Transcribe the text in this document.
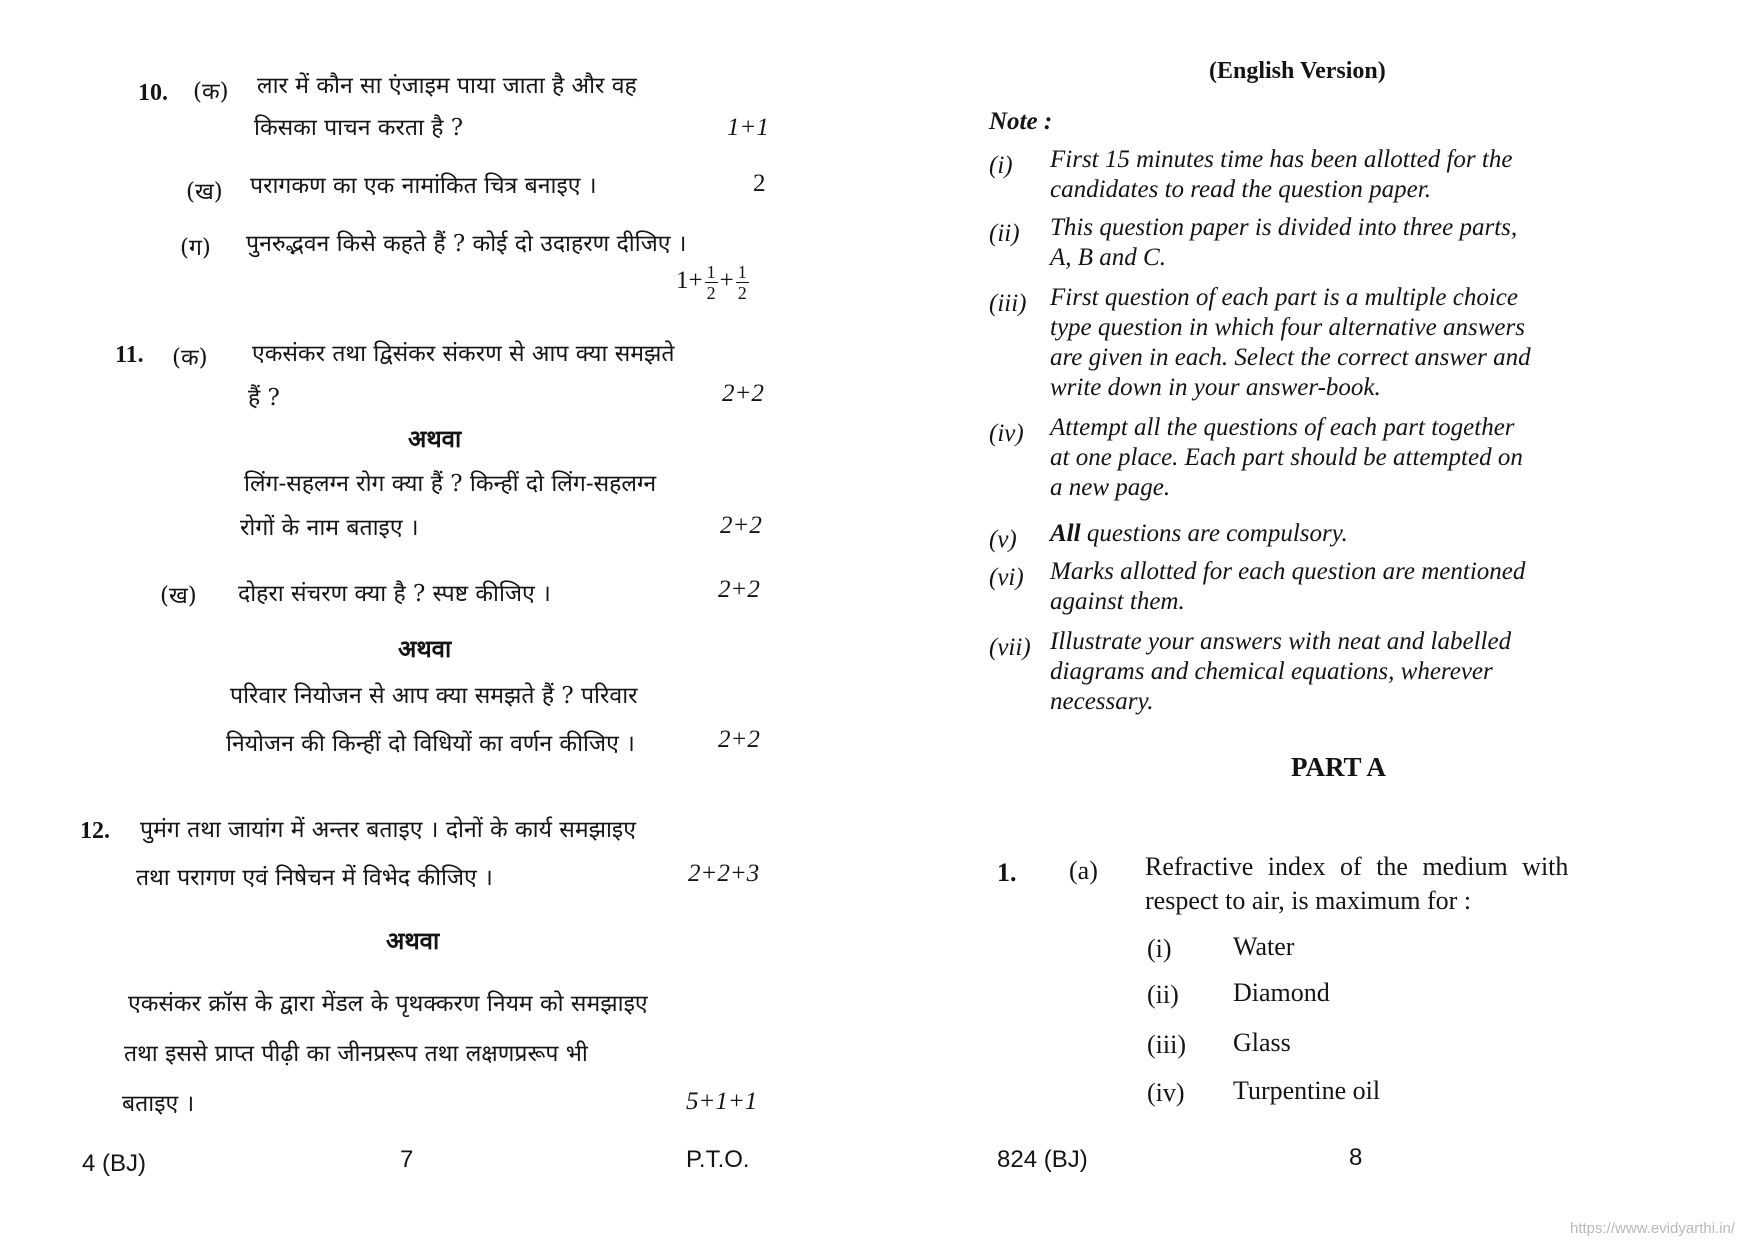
10. (क) लार में कौन सा एंजाइम पाया जाता है और वह
किसका पाचन करता है ?	1+1
(ख) परागकण का एक नामांकित चित्र बनाइए ।	2
(ग) पुनरुद्भवन किसे कहते हैं ? कोई दो उदाहरण दीजिए ।
$1+ \frac{1}{2} + \frac{1}{2}$
11. (क) एकसंकर तथा द्विसंकर संकरण से आप क्या समझते
हैं ?	2+2
अथवा
लिंग-सहलग्न रोग क्या हैं ? किन्हीं दो लिंग-सहलग्न
रोगों के नाम बताइए ।	2+2
(ख) दोहरा संचरण क्या है ? स्पष्ट कीजिए ।	2+2
अथवा
परिवार नियोजन से आप क्या समझते हैं ? परिवार
नियोजन की किन्हीं दो विधियों का वर्णन कीजिए ।	2+2
12. पुमंग तथा जायांग में अन्तर बताइए । दोनों के कार्य समझाइए
तथा परागण एवं निषेचन में विभेद कीजिए ।	2+2+3
अथवा
एकसंकर क्रॉस के द्वारा मेंडल के पृथक्करण नियम को समझाइए
तथा इससे प्राप्त पीढ़ी का जीनप्ररूप तथा लक्षणप्ररूप भी
बताइए ।	5+1+1
4 (BJ)	7	P.T.O.
(English Version)
Note :
(i) First 15 minutes time has been allotted for the
candidates to read the question paper.
(ii) This question paper is divided into three parts,
A, B and C.
(iii) First question of each part is a multiple choice
type question in which four alternative answers
are given in each. Select the correct answer and
write down in your answer-book.
(iv) Attempt all the questions of each part together
at one place. Each part should be attempted on
a new page.
(v) All questions are compulsory.
(vi) Marks allotted for each question are mentioned
against them.
(vii) Illustrate your answers with neat and labelled
diagrams and chemical equations, wherever
necessary.
PART A
1. (a) Refractive index of the medium with
respect to air, is maximum for :
(i) Water
(ii) Diamond
(iii) Glass
(iv) Turpentine oil
824 (BJ)	8
https://www.evidyarthi.in/
